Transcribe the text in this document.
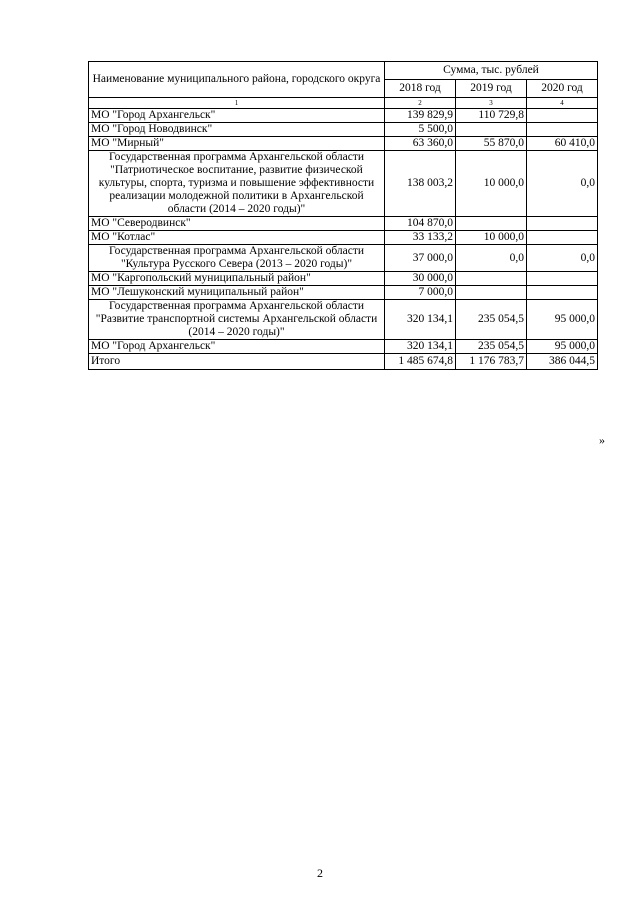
Наименование муниципального района, городского округа	Сумма, тыс. рублей		
	2018 год	2019 год	2020 год
1	2	3	4
МО "Город Архангельск"	139 829,9	110 729,8	
МО "Город Новодвинск"	5 500,0		
МО "Мирный"	63 360,0	55 870,0	60 410,0
Государственная программа Архангельской области "Патриотическое воспитание, развитие физической культуры, спорта, туризма и повышение эффективности реализации молодежной политики в Архангельской области (2014 – 2020 годы)"	138 003,2	10 000,0	0,0
МО "Северодвинск"	104 870,0		
МО "Котлас"	33 133,2	10 000,0	
Государственная программа Архангельской области "Культура Русского Севера (2013 – 2020 годы)"	37 000,0	0,0	0,0
МО "Каргопольский муниципальный район"	30 000,0		
МО "Лешуконский муниципальный район"	7 000,0		
Государственная программа Архангельской области "Развитие транспортной системы Архангельской области (2014 – 2020 годы)"	320 134,1	235 054,5	95 000,0
МО "Город Архангельск"	320 134,1	235 054,5	95 000,0
Итого	1 485 674,8	1 176 783,7	386 044,5
»
2
